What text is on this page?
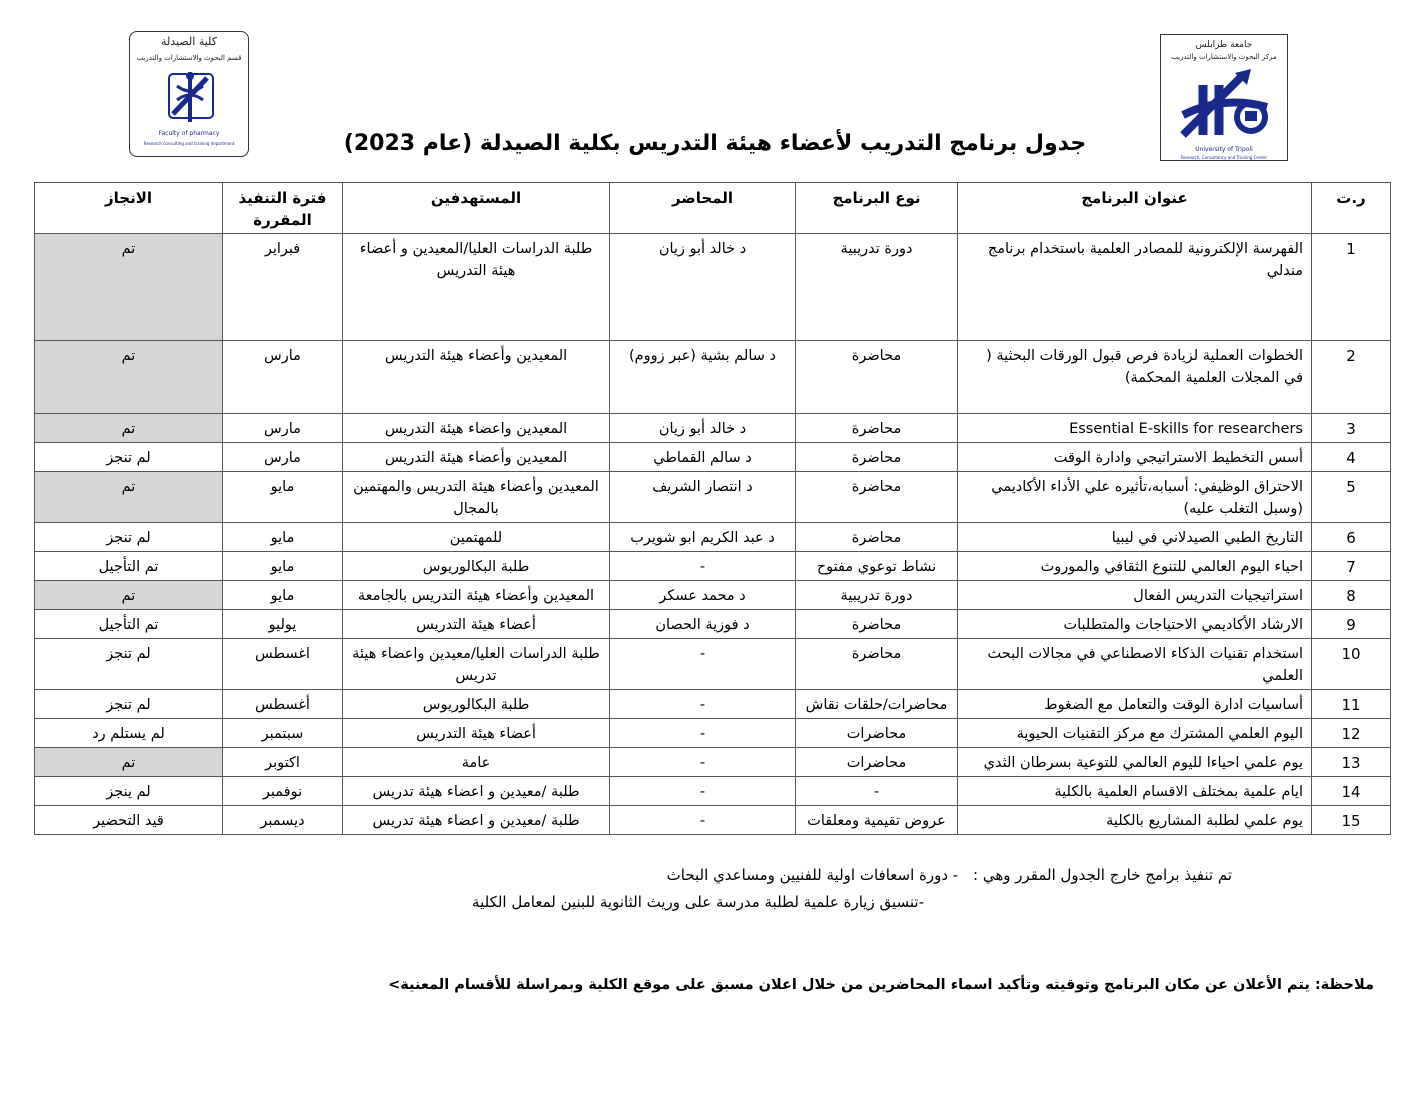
كلية الصيدلة
قسم البحوث والاستشارات والتدريب
Faculty of pharmacy
Research consulting and training department
جامعة طرابلس
مركز البحوث والاستشارات والتدريب
University of Tripoli
Research, Consultancy and Training Center
جدول برنامج التدريب لأعضاء هيئة التدريس بكلية الصيدلة (عام 2023)
ر.ت	عنوان البرنامج	نوع البرنامج	المحاضر	المستهدفين	فترة التنفيذ المقررة	الانجاز
1	الفهرسة الإلكترونية للمصادر العلمية باستخدام برنامج مندلي	دورة تدريبية	د خالد أبو زيان	طلبة الدراسات العليا/المعيدين و أعضاء هيئة التدريس	فبراير	تم
2	الخطوات العملية لزيادة فرص قبول الورقات البحثية ( في المجلات العلمية المحكمة)	محاضرة	د سالم بشية (عبر زووم)	المعيدين وأعضاء هيئة التدريس	مارس	تم
3	Essential E-skills for researchers	محاضرة	د خالد أبو زيان	المعيدين واعضاء هيئة التدريس	مارس	تم
4	أسس التخطيط الاستراتيجي وادارة الوقت	محاضرة	د سالم القماطي	المعيدين وأعضاء هيئة التدريس	مارس	لم تنجز
5	الاحتراق الوظيفي: أسبابه،تأثيره علي الأداء الأكاديمي (وسبل التغلب عليه)	محاضرة	د انتصار الشريف	المعيدين وأعضاء هيئة التدريس والمهتمين بالمجال	مايو	تم
6	التاريخ الطبي الصيدلاني في ليبيا	محاضرة	د عبد الكريم ابو شويرب	للمهتمين	مايو	لم تنجز
7	احياء اليوم العالمي للتنوع الثقافي والموروث	نشاط توعوي مفتوح	-	طلبة البكالوريوس	مايو	تم التأجيل
8	استراتيجيات التدريس الفعال	دورة تدريبية	د محمد عسكر	المعيدين وأعضاء هيئة التدريس بالجامعة	مايو	تم
9	الارشاد الأكاديمي الاحتياجات والمتطلبات	محاضرة	د فوزية الحصان	أعضاء هيئة التدريس	يوليو	تم التأجيل
10	استخدام تقنيات الذكاء الاصطناعي في مجالات البحث العلمي	محاضرة	-	طلبة الدراسات العليا/معيدين واعضاء هيئة تدريس	اغسطس	لم تنجز
11	أساسيات ادارة الوقت والتعامل مع الضغوط	محاضرات/حلقات نقاش	-	طلبة البكالوريوس	أغسطس	لم تنجز
12	اليوم العلمي المشترك مع مركز التقنيات الحيوية	محاضرات	-	أعضاء هيئة التدريس	سبتمبر	لم يستلم رد
13	يوم علمي احياءا لليوم العالمي للتوعية بسرطان الثدي	محاضرات	-	عامة	اكتوبر	تم
14	ايام علمية بمختلف الاقسام العلمية بالكلية	-	-	طلبة /معيدين و اعضاء هيئة تدريس	نوفمبر	لم ينجز
15	يوم علمي لطلبة المشاريع بالكلية	عروض تقيمية ومعلقات	-	طلبة /معيدين و اعضاء هيئة تدريس	ديسمبر	قيد التحضير
تم تنفيذ برامج خارج الجدول المقرر وهي : - دورة اسعافات اولية للفنيين ومساعدي البحاث
-تنسيق زيارة علمية لطلبة مدرسة على وريث الثانوية للبنين لمعامل الكلية
ملاحظة: يتم الأعلان عن مكان البرنامج وتوقيته وتأكيد اسماء المحاضرين من خلال اعلان مسبق على موقع الكلية وبمراسلة للأقسام المعنية>
